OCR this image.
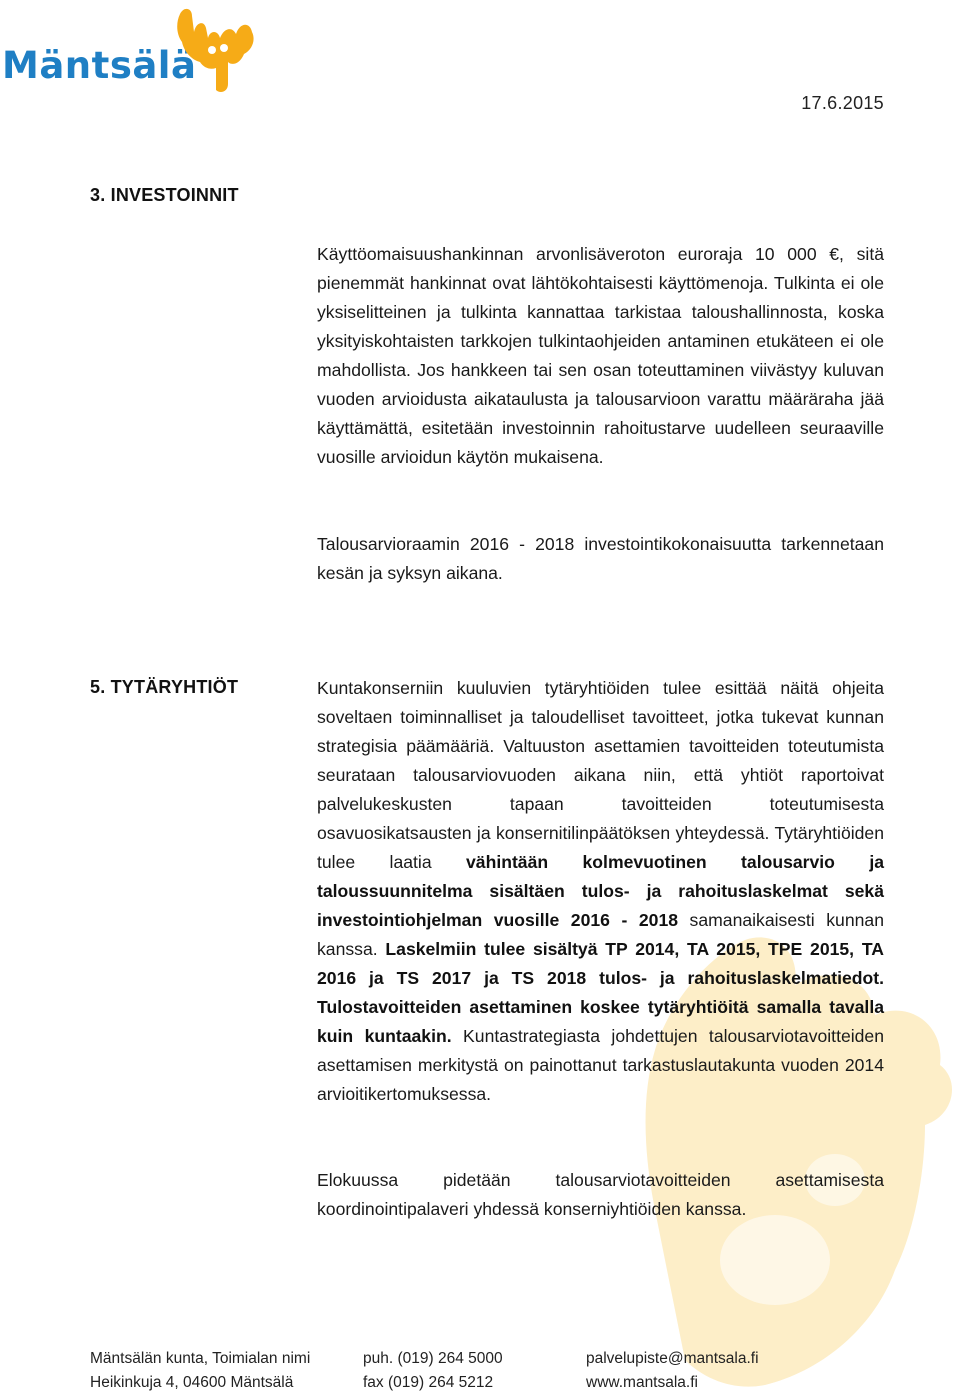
Mäntsälä
17.6.2015
3. INVESTOINNIT
Käyttöomaisuushankinnan arvonlisäveroton euroraja 10 000 €, sitä pienemmät hankinnat ovat lähtökohtaisesti käyttömenoja. Tulkinta ei ole yksiselitteinen ja tulkinta kannattaa tarkistaa taloushallinnosta, koska yksityiskohtaisten tarkkojen tulkintaohjeiden antaminen etukäteen ei ole mahdollista. Jos hankkeen tai sen osan toteuttaminen viivästyy kuluvan vuoden arvioidusta aikataulusta ja talousarvioon varattu määräraha jää käyttämättä, esitetään investoinnin rahoitustarve uudelleen seuraaville vuosille arvioidun käytön mukaisena.
Talousarvioraamin 2016 - 2018 investointikokonaisuutta tarkennetaan kesän ja syksyn aikana.
5. TYTÄRYHTIÖT	Kuntakonserniin kuuluvien tytäryhtiöiden tulee esittää näitä ohjeita soveltaen toiminnalliset ja taloudelliset tavoitteet, jotka tukevat kunnan strategisia päämääriä. Valtuuston asettamien tavoitteiden toteutumista seurataan talousarviovuoden aikana niin, että yhtiöt raportoivat palvelukeskusten tapaan tavoitteiden toteutumisesta osavuosikatsausten ja konsernitilinpäätöksen yhteydessä. Tytäryhtiöiden tulee laatia vähintään kolmevuotinen talousarvio ja taloussuunnitelma sisältäen tulos- ja rahoituslaskelmat sekä investointiohjelman vuosille 2016 - 2018 samanaikaisesti kunnan kanssa. Laskelmiin tulee sisältyä TP 2014, TA 2015, TPE 2015, TA 2016 ja TS 2017 ja TS 2018 tulos- ja rahoituslaskelmatiedot. Tulostavoitteiden asettaminen koskee tytäryhtiöitä samalla tavalla kuin kuntaakin. Kuntastrategiasta johdettujen talousarviotavoitteiden asettamisen merkitystä on painottanut tarkastuslautakunta vuoden 2014 arvioitikertomuksessa.
Elokuussa pidetään talousarviotavoitteiden asettamisesta koordinointipalaveri yhdessä konserniyhtiöiden kanssa.
Mäntsälän kunta, Toimialan nimi
Heikinkuja 4, 04600 Mäntsälä
puh. (019) 264 5000
fax (019) 264 5212
palvelupiste@mantsala.fi
www.mantsala.fi
